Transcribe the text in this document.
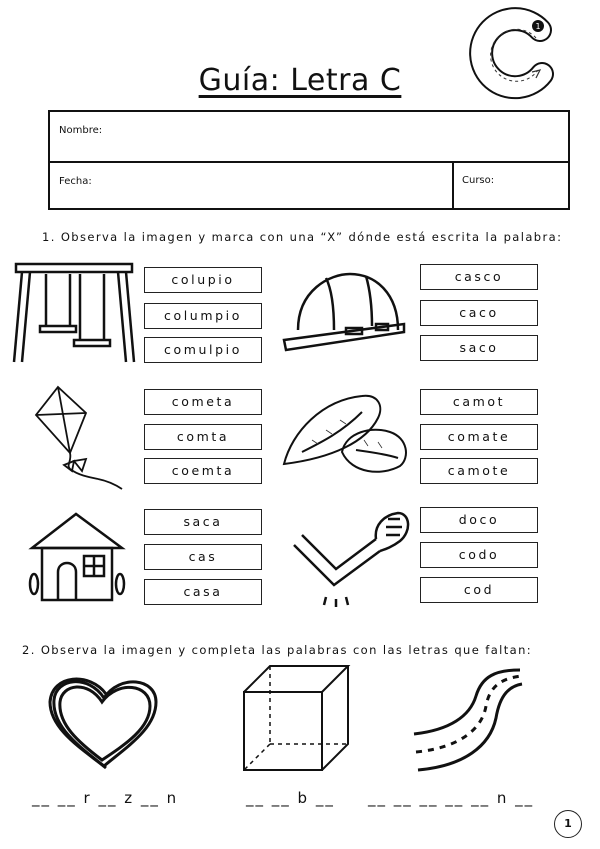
Guía: Letra C
1
Nombre:
Fecha:	Curso:
1. Observa la imagen y marca con una “X” dónde está escrita la palabra:
colupio
columpio
comulpio
casco
caco
saco
cometa
comta
coemta
camot
comate
camote
saca
cas
casa
doco
codo
cod
2. Observa la imagen y completa las palabras con las letras que faltan:
__ __ r __ z __ n	__ __ b __ __ __ __ __ __ n __
1
